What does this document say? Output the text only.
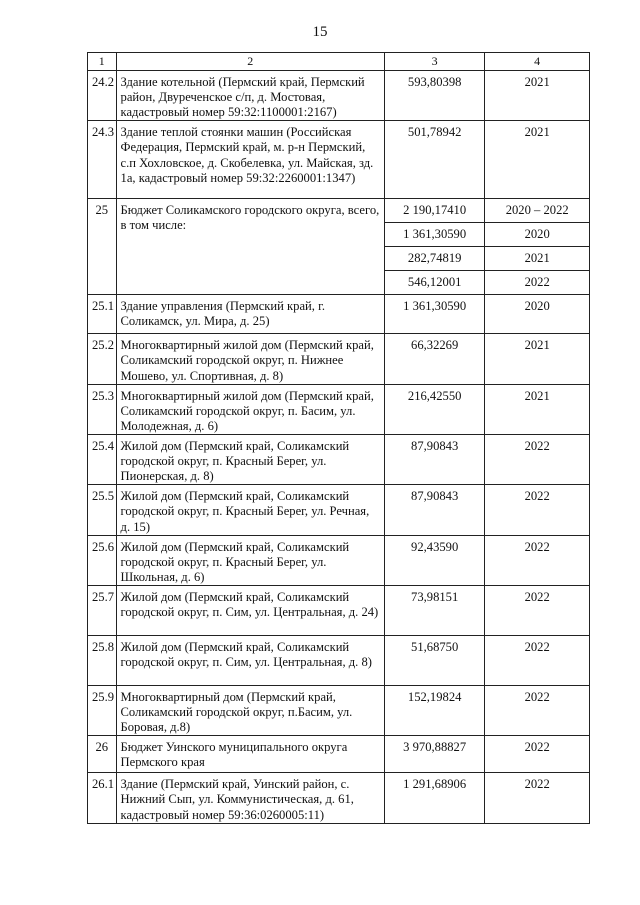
15
1	2	3	4
24.2	Здание котельной (Пермский край, Пермский район, Двуреченское с/п, д. Мостовая, кадастровый номер 59:32:1100001:2167)	593,80398	2021
24.3	Здание теплой стоянки машин (Российская Федерация, Пермский край, м. р-н Пермский, с.п Хохловское, д. Скобелевка, ул. Майская, зд. 1а, кадастровый номер 59:32:2260001:1347)	501,78942	2021
25	Бюджет Соликамского городского округа, всего, в том числе:	2 190,17410	2020 – 2022
		1 361,30590	2020
		282,74819	2021
		546,12001	2022
25.1	Здание управления (Пермский край, г. Соликамск, ул. Мира, д. 25)	1 361,30590	2020
25.2	Многоквартирный жилой дом (Пермский край, Соликамский городской округ, п. Нижнее Мошево, ул. Спортивная, д. 8)	66,32269	2021
25.3	Многоквартирный жилой дом (Пермский край, Соликамский городской округ, п. Басим, ул. Молодежная, д. 6)	216,42550	2021
25.4	Жилой дом (Пермский край, Соликамский городской округ, п. Красный Берег, ул. Пионерская, д. 8)	87,90843	2022
25.5	Жилой дом (Пермский край, Соликамский городской округ, п. Красный Берег, ул. Речная, д. 15)	87,90843	2022
25.6	Жилой дом (Пермский край, Соликамский городской округ, п. Красный Берег, ул. Школьная, д. 6)	92,43590	2022
25.7	Жилой дом (Пермский край, Соликамский городской округ, п. Сим, ул. Центральная, д. 24)	73,98151	2022
25.8	Жилой дом (Пермский край, Соликамский городской округ, п. Сим, ул. Центральная, д. 8)	51,68750	2022
25.9	Многоквартирный дом (Пермский край, Соликамский городской округ, п.Басим, ул. Боровая, д.8)	152,19824	2022
26	Бюджет Уинского муниципального округа Пермского края	3 970,88827	2022
26.1	Здание (Пермский край, Уинский район, с. Нижний Сып, ул. Коммунистическая, д. 61, кадастровый номер 59:36:0260005:11)	1 291,68906	2022
